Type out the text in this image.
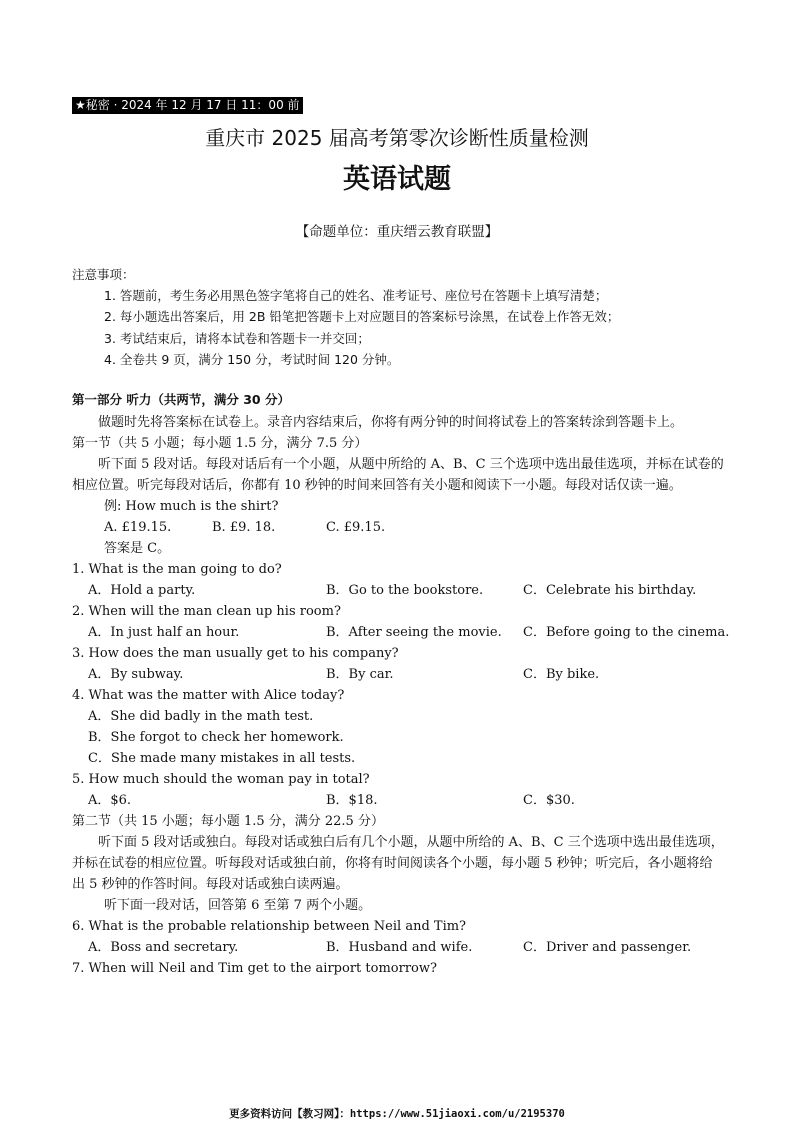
★秘密 · 2024 年 12 月 17 日 11：00 前
重庆市 2025 届高考第零次诊断性质量检测
英语试题
【命题单位：重庆缙云教育联盟】
注意事项：
1. 答题前，考生务必用黑色签字笔将自己的姓名、准考证号、座位号在答题卡上填写清楚；
2. 每小题选出答案后，用 2B 铅笔把答题卡上对应题目的答案标号涂黑，在试卷上作答无效；
3. 考试结束后，请将本试卷和答题卡一并交回；
4. 全卷共 9 页，满分 150 分，考试时间 120 分钟。
第一部分 听力（共两节，满分 30 分）
做题时先将答案标在试卷上。录音内容结束后，你将有两分钟的时间将试卷上的答案转涂到答题卡上。
第一节（共 5 小题；每小题 1.5 分，满分 7.5 分）
听下面 5 段对话。每段对话后有一个小题，从题中所给的 A、B、C 三个选项中选出最佳选项，并标在试卷的相应位置。听完每段对话后，你都有 10 秒钟的时间来回答有关小题和阅读下一小题。每段对话仅读一遍。
例: How much is the shirt?
A. £19.15.	B. £9. 18.	C. £9.15.
答案是 C。
1. What is the man going to do?
A．Hold a party.	B．Go to the bookstore.	C．Celebrate his birthday.
2. When will the man clean up his room?
A．In just half an hour.	B．After seeing the movie. C．Before going to the cinema.
3. How does the man usually get to his company?
A．By subway.	B．By car.	C．By bike.
4. What was the matter with Alice today?
A．She did badly in the math test.
B．She forgot to check her homework.
C．She made many mistakes in all tests.
5. How much should the woman pay in total?
A．$6.	B．$18.	C．$30.
第二节（共 15 小题；每小题 1.5 分，满分 22.5 分）
听下面 5 段对话或独白。每段对话或独白后有几个小题，从题中所给的 A、B、C 三个选项中选出最佳选项，并标在试卷的相应位置。听每段对话或独白前，你将有时间阅读各个小题，每小题 5 秒钟；听完后，各小题将给出 5 秒钟的作答时间。每段对话或独白读两遍。
听下面一段对话，回答第 6 至第 7 两个小题。
6. What is the probable relationship between Neil and Tim?
A．Boss and secretary.	B．Husband and wife.	C．Driver and passenger.
7. When will Neil and Tim get to the airport tomorrow?
更多资料访问【教习网】：https://www.51jiaoxi.com/u/2195370
